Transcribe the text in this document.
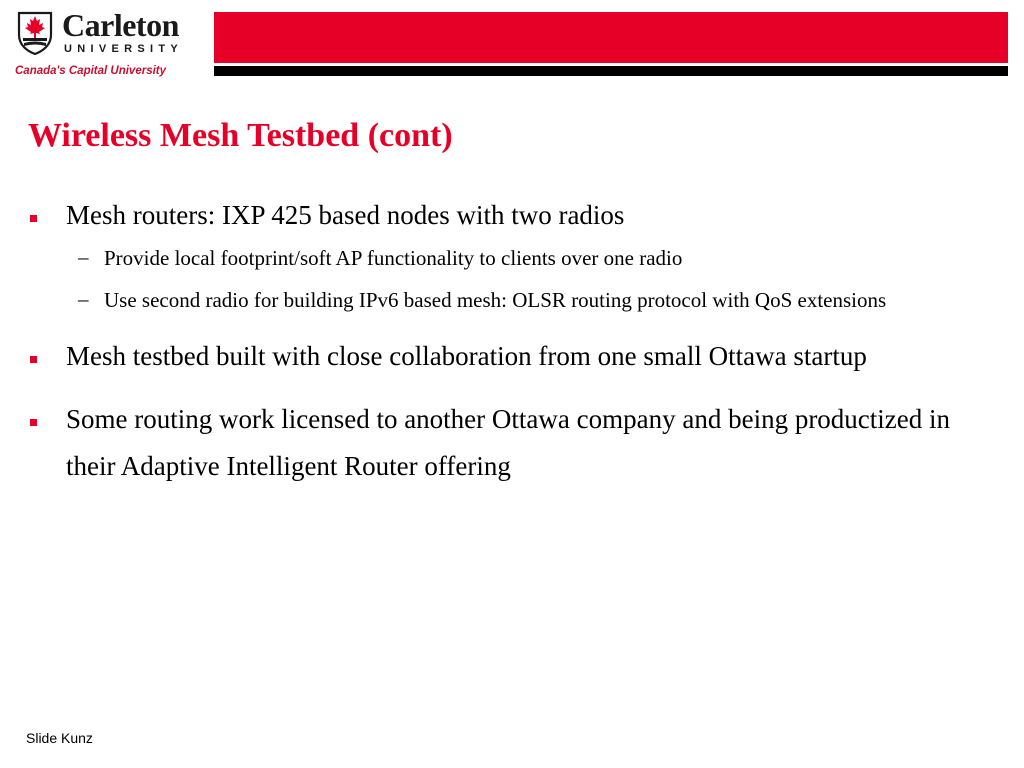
Carleton
UNIVERSITY
Canada's Capital University
Wireless Mesh Testbed (cont)
Mesh routers: IXP 425 based nodes with two radios
– Provide local footprint/soft AP functionality to clients over one radio
– Use second radio for building IPv6 based mesh: OLSR routing protocol with QoS extensions
Mesh testbed built with close collaboration from one small Ottawa startup
Some routing work licensed to another Ottawa company and being productized in their Adaptive Intelligent Router offering
Slide Kunz
